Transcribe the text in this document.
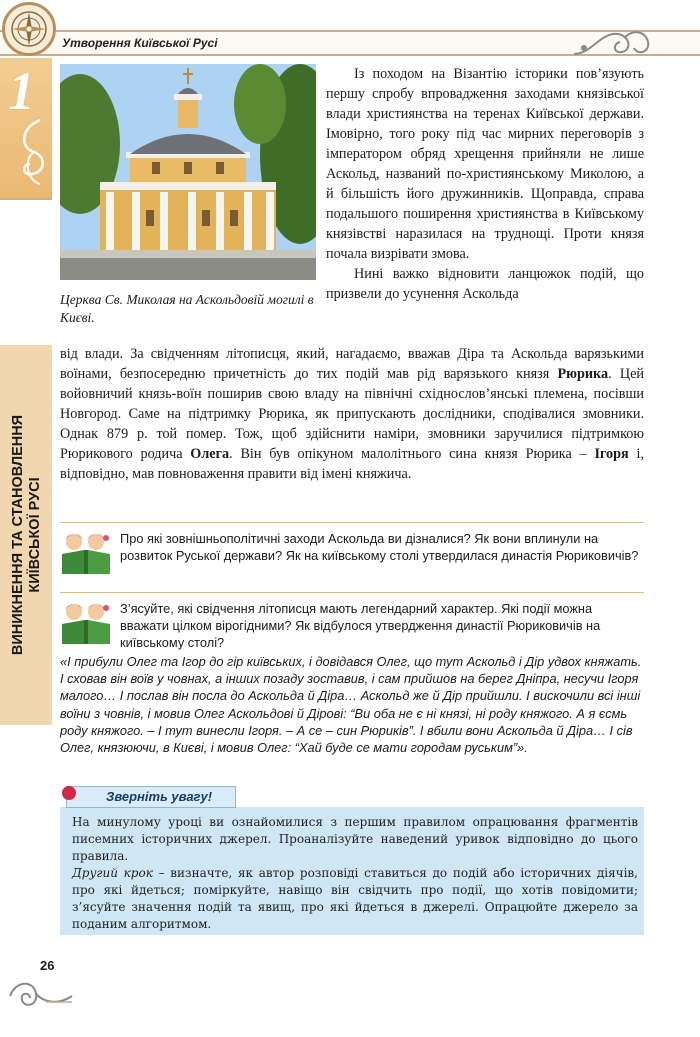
Утворення Київської Русі
1
ВИНИКНЕННЯ ТА СТАНОВЛЕННЯ КИЇВСЬКОЇ РУСІ
Церква Св. Миколая на Аскольдовій могилі в Києві.
Із походом на Візантію історики пов’язують першу спробу впровадження заходами князівської влади християнства на теренах Київської держави. Імовірно, того року під час мирних переговорів з імператором обряд хрещення прийняли не лише Аскольд, названий по-християнському Миколою, а й більшість його дружинників. Щоправда, справа подальшого поширення християнства в Київському князівстві наразилася на труднощі. Проти князя почала визрівати змова.
Нині важко відновити ланцюжок подій, що призвели до усунення Аскольда
від влади. За свідченням літописця, який, нагадаємо, вважав Діра та Аскольда варязькими воїнами, безпосередню причетність до тих подій мав рід варязького князя Рюрика. Цей войовничий князь-воїн поширив свою владу на північні східнослов’янські племена, посівши Новгород. Саме на підтримку Рюрика, як припускають дослідники, сподівалися змовники. Однак 879 р. той помер. Тож, щоб здійснити наміри, змовники заручилися підтримкою Рюрикового родича Олега. Він був опікуном малолітнього сина князя Рюрика – Ігоря і, відповідно, мав повноваження правити від імені княжича.
Про які зовнішньополітичні заходи Аскольда ви дізналися? Як вони вплинули на розвиток Руської держави? Як на київському столі утвердилася династія Рюриковичів?
З’ясуйте, які свідчення літописця мають легендарний характер. Які події можна вважати цілком вірогідними? Як відбулося утвердження династії Рюриковичів на київському столі?
«І прибули Олег та Ігор до гір київських, і довідався Олег, що тут Аскольд і Дір удвох княжать. І сховав він воїв у човнах, а інших позаду зоставив, і сам прийшов на берег Дніпра, несучи Ігоря малого… І послав він посла до Аскольда й Діра… Аскольд же й Дір прийшли. І вискочили всі інші воїни з човнів, і мовив Олег Аскольдові й Дірові: “Ви оба не є ні князі, ні роду княжого. А я єсмь роду княжого. – І тут винесли Ігоря. – А се – син Рюриків”. І вбили вони Аскольда й Діра… І сів Олег, князюючи, в Києві, і мовив Олег: “Хай буде се мати городам руським”».
Зверніть увагу!
На минулому уроці ви ознайомилися з першим правилом опрацювання фрагментів писемних історичних джерел. Проаналізуйте наведений уривок відповідно до цього правила.
Другий крок – визначте, як автор розповіді ставиться до подій або історичних діячів, про які йдеться; поміркуйте, навіщо він свідчить про події, що хотів повідомити; з’ясуйте значення подій та явищ, про які йдеться в джерелі. Опрацюйте джерело за поданим алгоритмом.
26
